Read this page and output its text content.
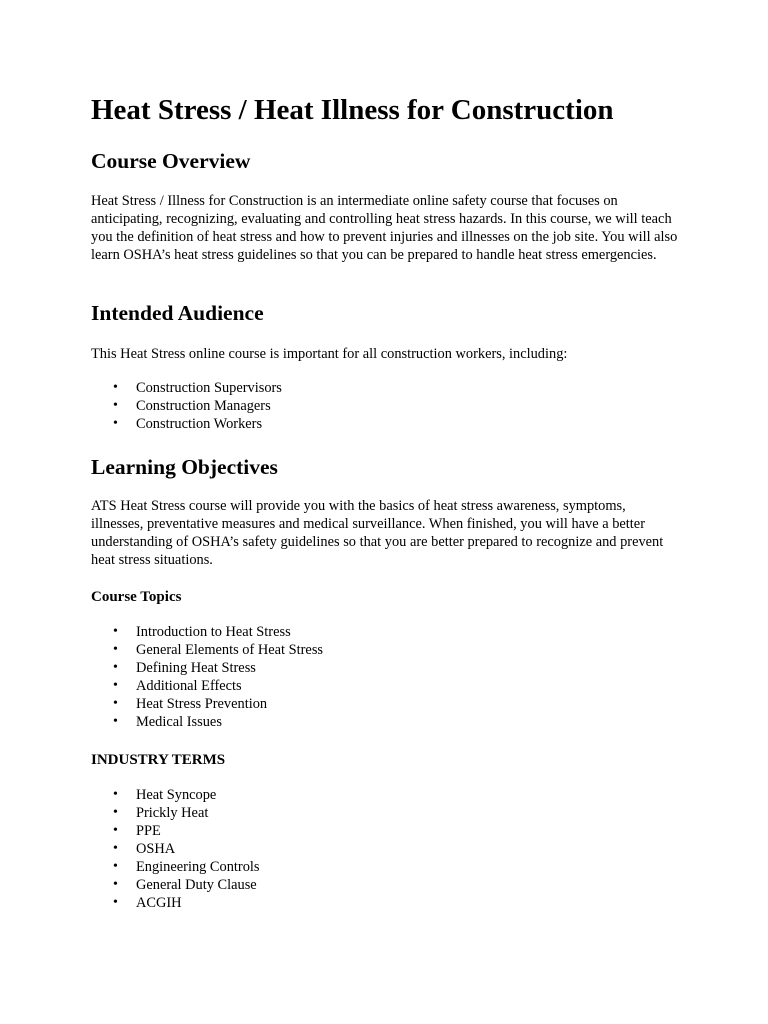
Heat Stress / Heat Illness for Construction
Course Overview

Heat Stress / Illness for Construction is an intermediate online safety course that focuses on anticipating, recognizing, evaluating and controlling heat stress hazards. In this course, we will teach you the definition of heat stress and how to prevent injuries and illnesses on the job site. You will also learn OSHA’s heat stress guidelines so that you can be prepared to handle heat stress emergencies.

Intended Audience

This Heat Stress online course is important for all construction workers, including:

• Construction Supervisors
• Construction Managers
• Construction Workers
Learning Objectives

ATS Heat Stress course will provide you with the basics of heat stress awareness, symptoms, illnesses, preventative measures and medical surveillance. When finished, you will have a better understanding of OSHA’s safety guidelines so that you are better prepared to recognize and prevent heat stress situations.

Course Topics
• Introduction to Heat Stress
• General Elements of Heat Stress
• Defining Heat Stress
• Additional Effects
• Heat Stress Prevention
• Medical Issues
INDUSTRY TERMS
• Heat Syncope
• Prickly Heat
• PPE
• OSHA
• Engineering Controls
• General Duty Clause
• ACGIH
